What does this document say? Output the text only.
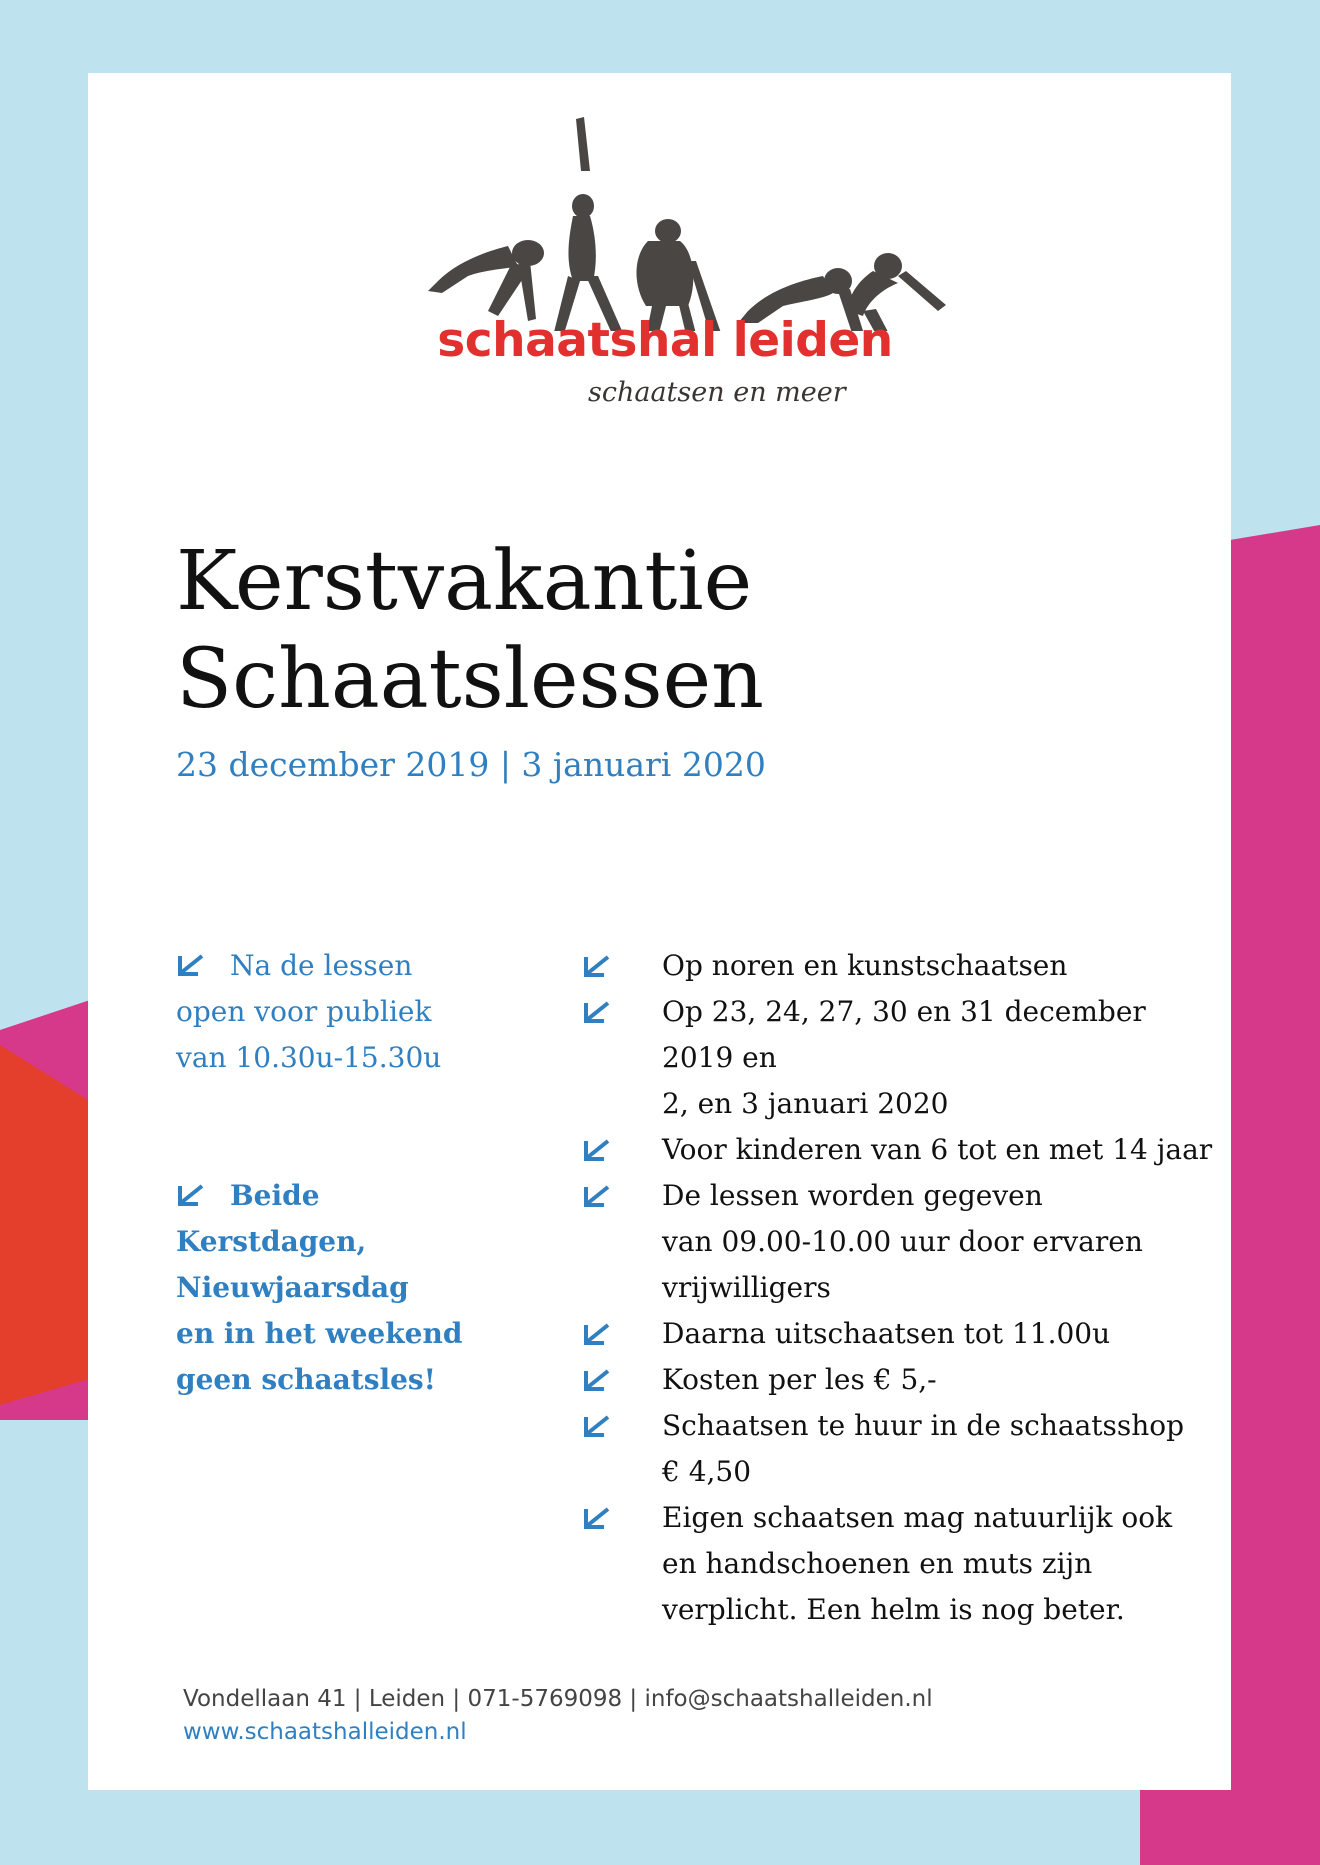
schaatshal leiden
schaatsen en meer
Kerstvakantie
Schaatslessen
23 december 2019 | 3 januari 2020

Na de lessen
open voor publiek
van 10.30u-15.30u

Beide
Kerstdagen,
Nieuwjaarsdag
en in het weekend
geen schaatsles!

Op noren en kunstschaatsen

Op 23, 24, 27, 30 en 31 december 2019 en
2, en 3 januari 2020

Voor kinderen van 6 tot en met 14 jaar

De lessen worden gegeven
van 09.00-10.00 uur door ervaren
vrijwilligers

Daarna uitschaatsen tot 11.00u

Kosten per les € 5,-

Schaatsen te huur in de schaatsshop
€ 4,50

Eigen schaatsen mag natuurlijk ook
en handschoenen en muts zijn
verplicht. Een helm is nog beter.

Vondellaan 41 | Leiden | 071-5769098 | info@schaatshalleiden.nl
www.schaatshalleiden.nl
